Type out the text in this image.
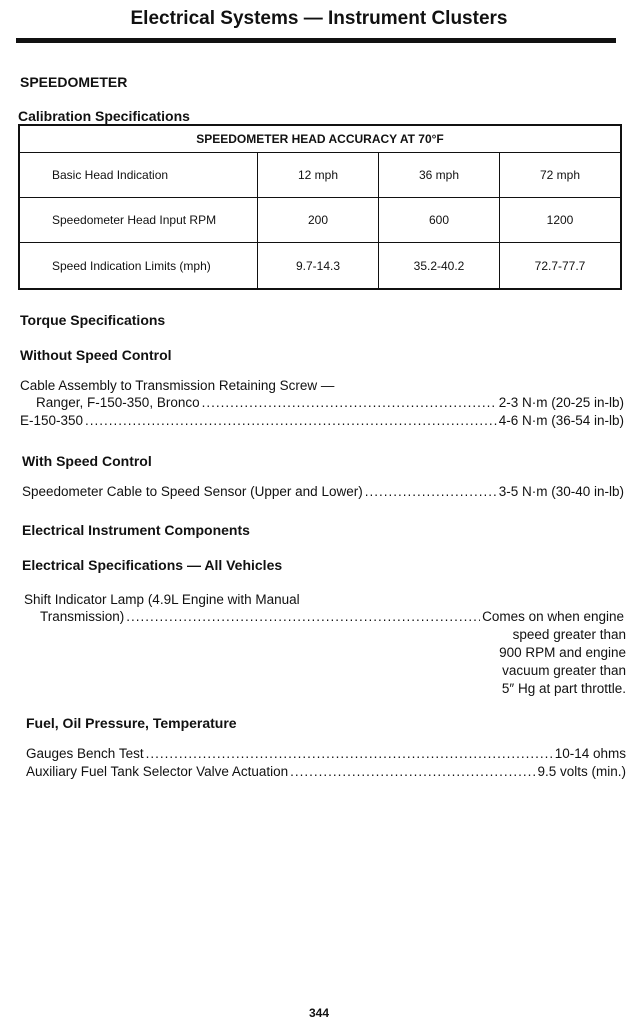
Electrical Systems — Instrument Clusters
SPEEDOMETER
Calibration Specifications
SPEEDOMETER HEAD ACCURACY AT 70°F			
Basic Head Indication	12 mph	36 mph	72 mph
Speedometer Head Input RPM	200	600	1200
Speed Indication Limits (mph)	9.7-14.3	35.2-40.2	72.7-77.7
Torque Specifications
Without Speed Control
Cable Assembly to Transmission Retaining Screw —
Ranger, F-150-350, Bronco .....	2-3 N·m (20-25 in-lb)
E-150-350 .....	4-6 N·m (36-54 in-lb)
With Speed Control
Speedometer Cable to Speed Sensor (Upper and Lower) .....	3-5 N·m (30-40 in-lb)
Electrical Instrument Components
Electrical Specifications — All Vehicles
Shift Indicator Lamp (4.9L Engine with Manual
Transmission) .....	Comes on when engine
speed greater than
900 RPM and engine
vacuum greater than
5″ Hg at part throttle.
Fuel, Oil Pressure, Temperature
Gauges Bench Test .....	10-14 ohms
Auxiliary Fuel Tank Selector Valve Actuation .....	9.5 volts (min.)
344
